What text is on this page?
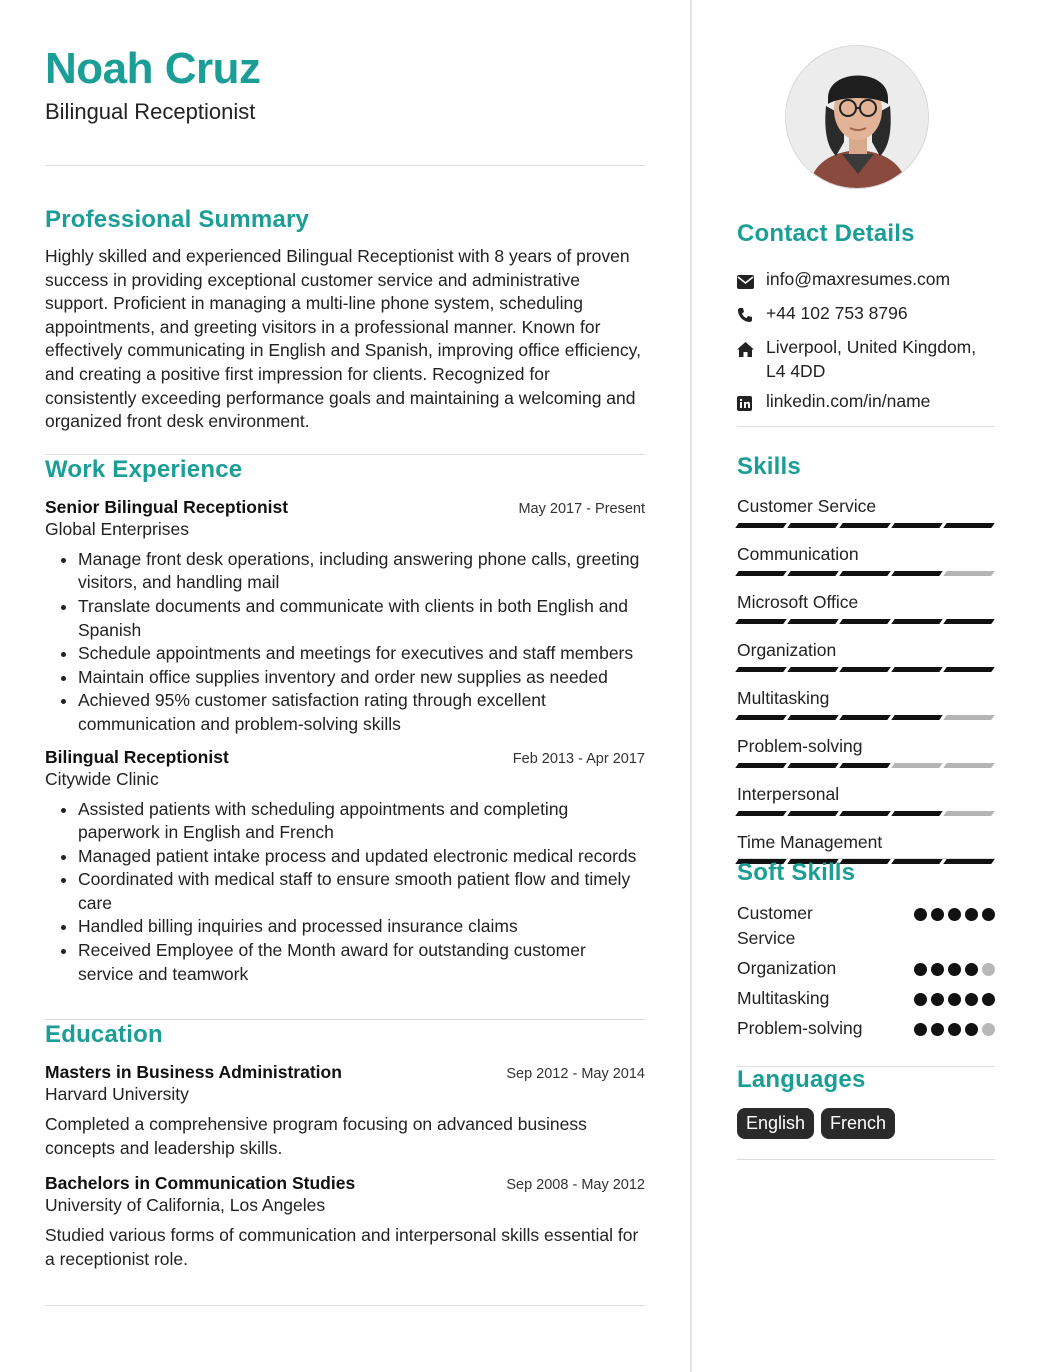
Noah Cruz
Bilingual Receptionist
Professional Summary

Highly skilled and experienced Bilingual Receptionist with 8 years of proven success in providing exceptional customer service and administrative support. Proficient in managing a multi-line phone system, scheduling appointments, and greeting visitors in a professional manner. Known for effectively communicating in English and Spanish, improving office efficiency, and creating a positive first impression for clients. Recognized for consistently exceeding performance goals and maintaining a welcoming and organized front desk environment.

Work Experience
Senior Bilingual Receptionist	May 2017 - Present
Global Enterprises
• Manage front desk operations, including answering phone calls, greeting visitors, and handling mail
• Translate documents and communicate with clients in both English and Spanish
• Schedule appointments and meetings for executives and staff members
• Maintain office supplies inventory and order new supplies as needed
• Achieved 95% customer satisfaction rating through excellent communication and problem-solving skills
Bilingual Receptionist	Feb 2013 - Apr 2017
Citywide Clinic
• Assisted patients with scheduling appointments and completing paperwork in English and French
• Managed patient intake process and updated electronic medical records
• Coordinated with medical staff to ensure smooth patient flow and timely care
• Handled billing inquiries and processed insurance claims
• Received Employee of the Month award for outstanding customer service and teamwork
Education
Masters in Business Administration	Sep 2012 - May 2014
Harvard University

Completed a comprehensive program focusing on advanced business concepts and leadership skills.

Bachelors in Communication Studies	Sep 2008 - May 2012
University of California, Los Angeles

Studied various forms of communication and interpersonal skills essential for a receptionist role.

Contact Details
info@maxresumes.com
+44 102 753 8796
Liverpool, United Kingdom, L4 4DD
linkedin.com/in/name
Skills
Customer Service
Communication
Microsoft Office
Organization
Multitasking
Problem-solving
Interpersonal
Time Management
Soft Skills
Customer Service
Organization
Multitasking
Problem-solving
Languages
English	French
